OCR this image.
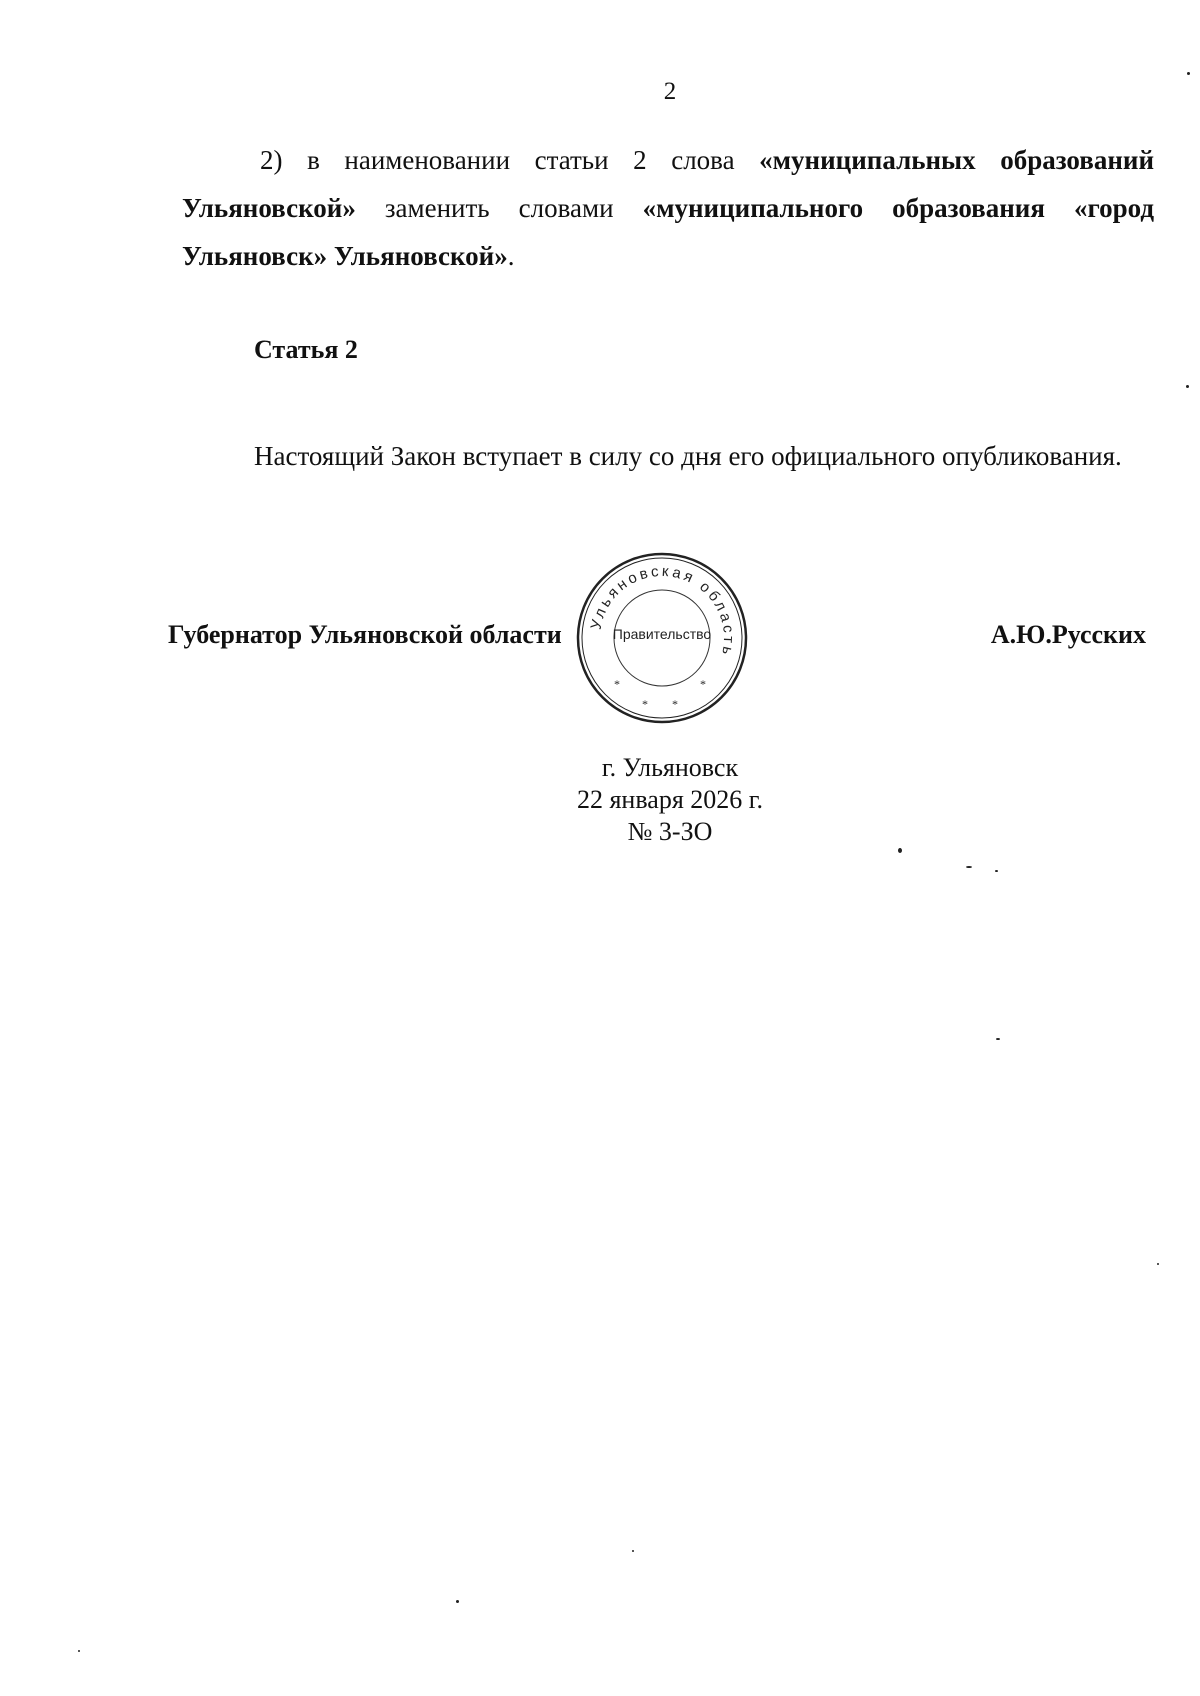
2
2) в наименовании статьи 2 слова «муниципальных образований Ульяновской» заменить словами «муниципального образования «город Ульяновск» Ульяновской».
Статья 2
Настоящий Закон вступает в силу со дня его официального опубликования.
Губернатор Ульяновской области	А.Ю.Русских
Ульяновская область
* *
*	*
Правительство
г. Ульяновск
22 января 2026 г.
№ 3-ЗО
